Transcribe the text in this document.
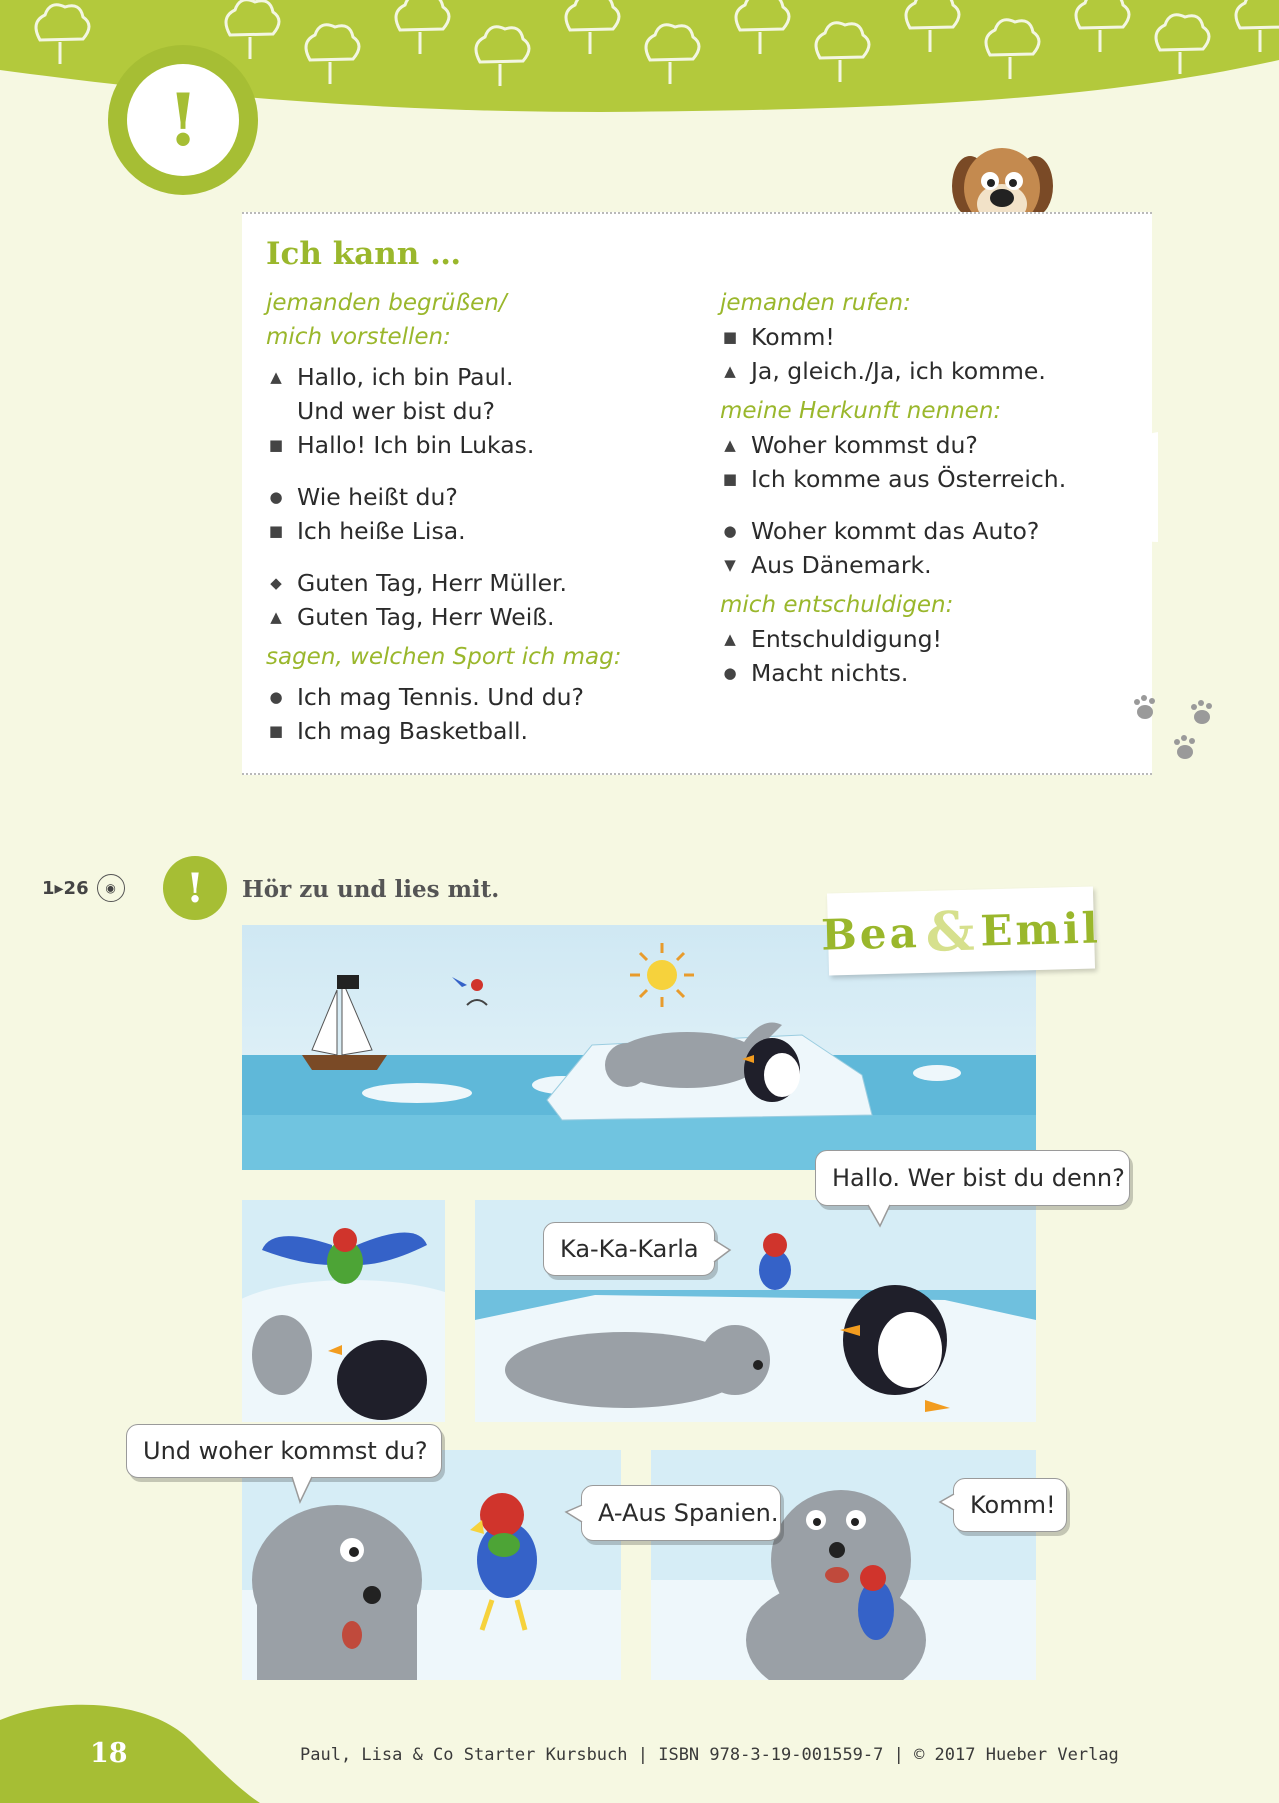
!
Ich kann …
jemanden begrüßen/
mich vorstellen:
▲ Hallo, ich bin Paul.
Und wer bist du?
■ Hallo! Ich bin Lukas.
● Wie heißt du?
■ Ich heiße Lisa.
◆ Guten Tag, Herr Müller.
▲ Guten Tag, Herr Weiß.
sagen, welchen Sport ich mag:
● Ich mag Tennis. Und du?
■ Ich mag Basketball.
jemanden rufen:
■ Komm!
▲ Ja, gleich./Ja, ich komme.
meine Herkunft nennen:
▲ Woher kommst du?
■ Ich komme aus Österreich.
● Woher kommt das Auto?
▼ Aus Dänemark.
mich entschuldigen:
▲ Entschuldigung!
● Macht nichts.
1▸26	◉ ! Hör zu und lies mit.
Bea & Emil
Hallo. Wer bist du denn?
Ka-Ka-Karla
Und woher kommst du?
A-Aus Spanien.	Komm!
18	Paul, Lisa & Co Starter Kursbuch | ISBN 978-3-19-001559-7 | © 2017 Hueber Verlag
